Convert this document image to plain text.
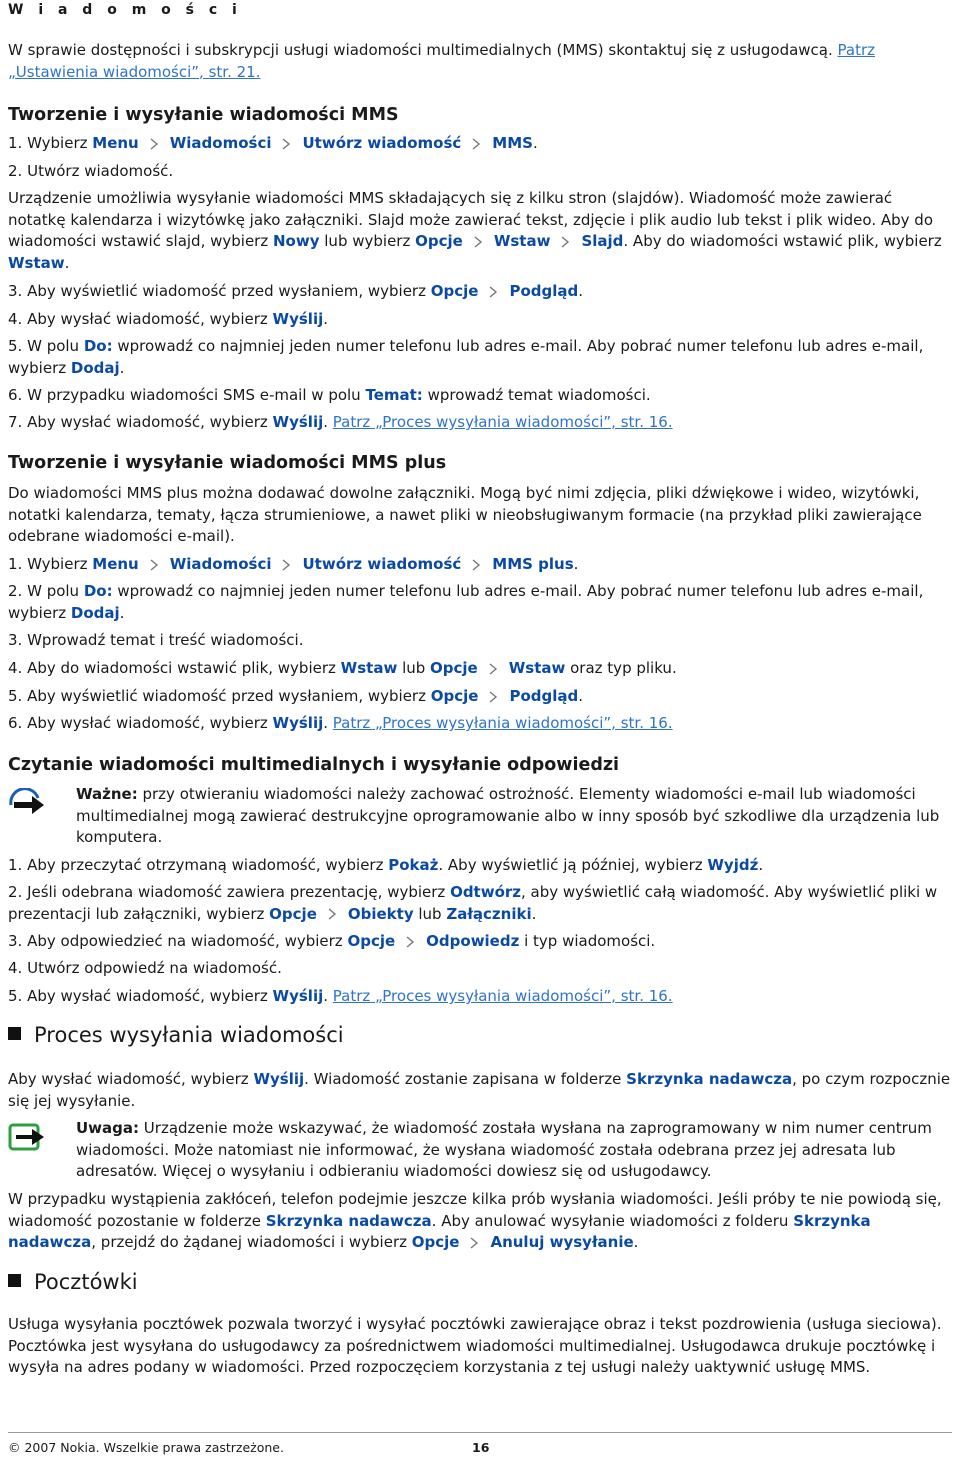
W i a d o m o ś c i
W sprawie dostępności i subskrypcji usługi wiadomości multimedialnych (MMS) skontaktuj się z usługodawcą. Patrz „Ustawienia wiadomości”, str. 21.
Tworzenie i wysyłanie wiadomości MMS
1. Wybierz Menu Wiadomości Utwórz wiadomość MMS.
2. Utwórz wiadomość.
Urządzenie umożliwia wysyłanie wiadomości MMS składających się z kilku stron (slajdów). Wiadomość może zawierać notatkę kalendarza i wizytówkę jako załączniki. Slajd może zawierać tekst, zdjęcie i plik audio lub tekst i plik wideo. Aby do wiadomości wstawić slajd, wybierz Nowy lub wybierz Opcje Wstaw Slajd. Aby do wiadomości wstawić plik, wybierz Wstaw.
3. Aby wyświetlić wiadomość przed wysłaniem, wybierz Opcje Podgląd.
4. Aby wysłać wiadomość, wybierz Wyślij.
5. W polu Do: wprowadź co najmniej jeden numer telefonu lub adres e-mail. Aby pobrać numer telefonu lub adres e-mail, wybierz Dodaj.
6. W przypadku wiadomości SMS e-mail w polu Temat: wprowadź temat wiadomości.
7. Aby wysłać wiadomość, wybierz Wyślij. Patrz „Proces wysyłania wiadomości”, str. 16.
Tworzenie i wysyłanie wiadomości MMS plus
Do wiadomości MMS plus można dodawać dowolne załączniki. Mogą być nimi zdjęcia, pliki dźwiękowe i wideo, wizytówki, notatki kalendarza, tematy, łącza strumieniowe, a nawet pliki w nieobsługiwanym formacie (na przykład pliki zawierające odebrane wiadomości e-mail).
1. Wybierz Menu Wiadomości Utwórz wiadomość MMS plus.
2. W polu Do: wprowadź co najmniej jeden numer telefonu lub adres e-mail. Aby pobrać numer telefonu lub adres e-mail, wybierz Dodaj.
3. Wprowadź temat i treść wiadomości.
4. Aby do wiadomości wstawić plik, wybierz Wstaw lub Opcje Wstaw oraz typ pliku.
5. Aby wyświetlić wiadomość przed wysłaniem, wybierz Opcje Podgląd.
6. Aby wysłać wiadomość, wybierz Wyślij. Patrz „Proces wysyłania wiadomości”, str. 16.
Czytanie wiadomości multimedialnych i wysyłanie odpowiedzi
Ważne: przy otwieraniu wiadomości należy zachować ostrożność. Elementy wiadomości e-mail lub wiadomości multimedialnej mogą zawierać destrukcyjne oprogramowanie albo w inny sposób być szkodliwe dla urządzenia lub komputera.
1. Aby przeczytać otrzymaną wiadomość, wybierz Pokaż. Aby wyświetlić ją później, wybierz Wyjdź.
2. Jeśli odebrana wiadomość zawiera prezentację, wybierz Odtwórz, aby wyświetlić całą wiadomość. Aby wyświetlić pliki w prezentacji lub załączniki, wybierz Opcje Obiekty lub Załączniki.
3. Aby odpowiedzieć na wiadomość, wybierz Opcje Odpowiedz i typ wiadomości.
4. Utwórz odpowiedź na wiadomość.
5. Aby wysłać wiadomość, wybierz Wyślij. Patrz „Proces wysyłania wiadomości”, str. 16.
Proces wysyłania wiadomości
Aby wysłać wiadomość, wybierz Wyślij. Wiadomość zostanie zapisana w folderze Skrzynka nadawcza, po czym rozpocznie się jej wysyłanie.
Uwaga: Urządzenie może wskazywać, że wiadomość została wysłana na zaprogramowany w nim numer centrum wiadomości. Może natomiast nie informować, że wysłana wiadomość została odebrana przez jej adresata lub adresatów. Więcej o wysyłaniu i odbieraniu wiadomości dowiesz się od usługodawcy.
W przypadku wystąpienia zakłóceń, telefon podejmie jeszcze kilka prób wysłania wiadomości. Jeśli próby te nie powiodą się, wiadomość pozostanie w folderze Skrzynka nadawcza. Aby anulować wysyłanie wiadomości z folderu Skrzynka nadawcza, przejdź do żądanej wiadomości i wybierz Opcje Anuluj wysyłanie.
Pocztówki
Usługa wysyłania pocztówek pozwala tworzyć i wysyłać pocztówki zawierające obraz i tekst pozdrowienia (usługa sieciowa). Pocztówka jest wysyłana do usługodawcy za pośrednictwem wiadomości multimedialnej. Usługodawca drukuje pocztówkę i wysyła na adres podany w wiadomości. Przed rozpoczęciem korzystania z tej usługi należy uaktywnić usługę MMS.
© 2007 Nokia. Wszelkie prawa zastrzeżone.	16
